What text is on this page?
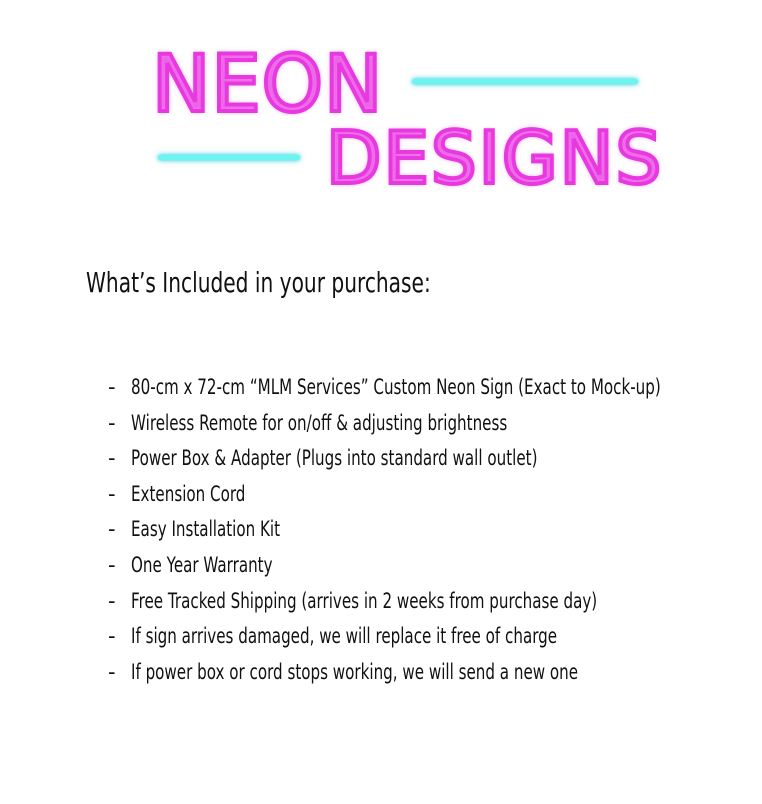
NEON
DESIGNS
What’s Included in your purchase:
- 80-cm x 72-cm “MLM Services” Custom Neon Sign (Exact to Mock-up)
- Wireless Remote for on/off & adjusting brightness
- Power Box & Adapter (Plugs into standard wall outlet)
- Extension Cord
- Easy Installation Kit
- One Year Warranty
- Free Tracked Shipping (arrives in 2 weeks from purchase day)
- If sign arrives damaged, we will replace it free of charge
- If power box or cord stops working, we will send a new one
